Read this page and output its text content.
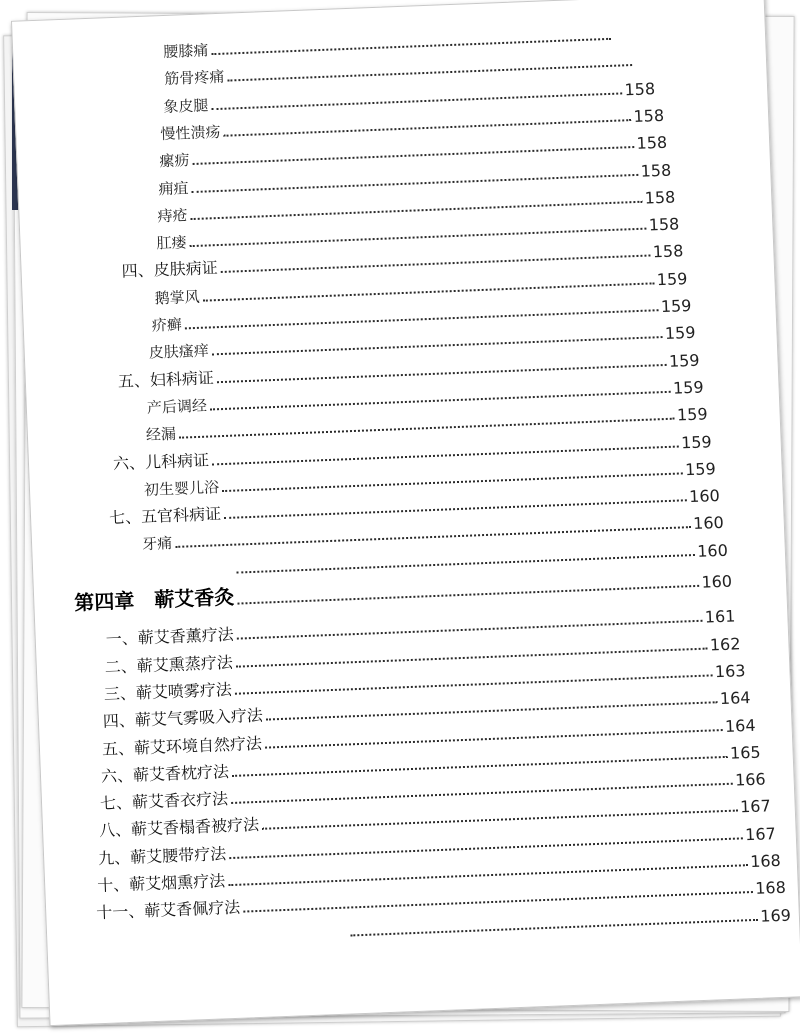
腰膝痛
筋骨疼痛
象皮腿
158
慢性溃疡
158
瘰疬
158
痈疽
158
痔疮
158
肛瘘
158
四、皮肤病证
158
鹅掌风
159
疥癣
159
皮肤瘙痒
159
五、妇科病证
159
产后调经
159
经漏
159
六、儿科病证
159
初生婴儿浴
159
七、五官科病证
160
牙痛
160
160
第四章　蕲艾香灸
160
一、蕲艾香薰疗法
161
二、蕲艾熏蒸疗法
162
三、蕲艾喷雾疗法
163
四、蕲艾气雾吸入疗法
164
五、蕲艾环境自然疗法
164
六、蕲艾香枕疗法
165
七、蕲艾香衣疗法
166
八、蕲艾香榻香被疗法
167
九、蕲艾腰带疗法
167
十、蕲艾烟熏疗法
168
十一、蕲艾香佩疗法
168
169
